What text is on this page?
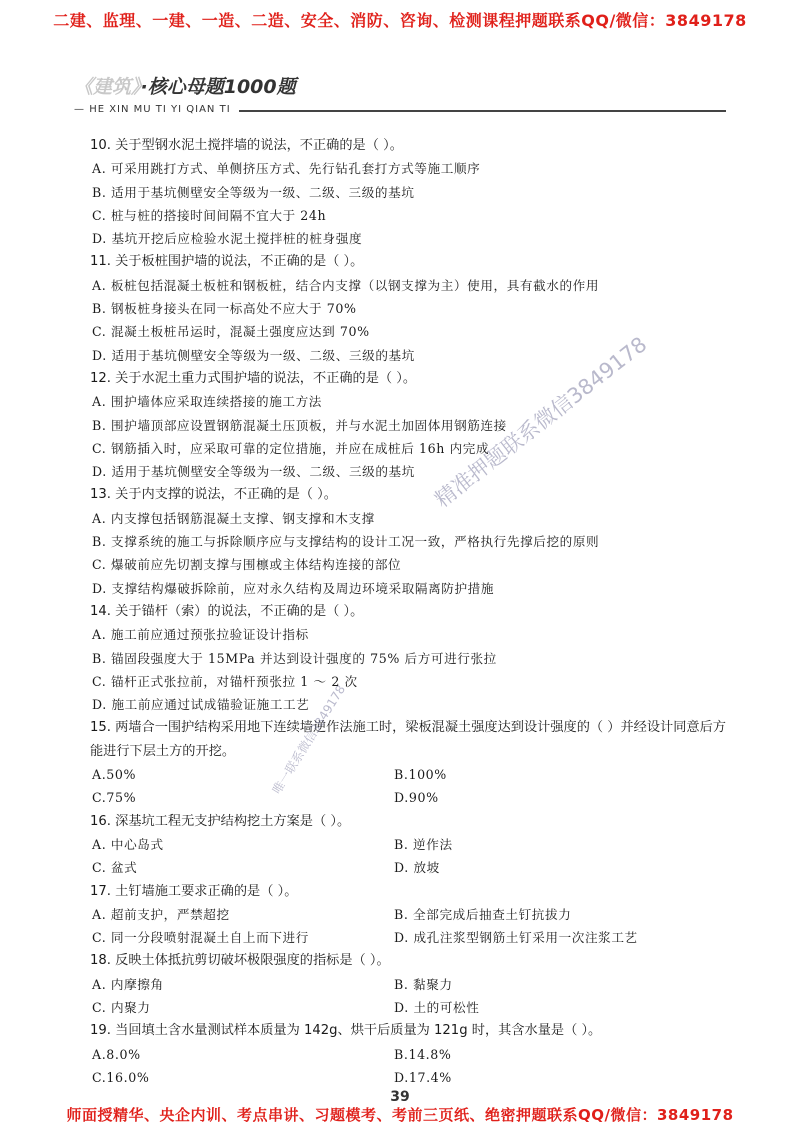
二建、监理、一建、一造、二造、安全、消防、咨询、检测课程押题联系QQ/微信：3849178
《建筑》·核心母题1000题
— HE XIN MU TI YI QIAN TI

10. 关于型钢水泥土搅拌墙的说法，不正确的是（ ）。

A. 可采用跳打方式、单侧挤压方式、先行钻孔套打方式等施工顺序

B. 适用于基坑侧壁安全等级为一级、二级、三级的基坑

C. 桩与桩的搭接时间间隔不宜大于 24h

D. 基坑开挖后应检验水泥土搅拌桩的桩身强度

11. 关于板桩围护墙的说法，不正确的是（ ）。

A. 板桩包括混凝土板桩和钢板桩，结合内支撑（以钢支撑为主）使用，具有截水的作用

B. 钢板桩身接头在同一标高处不应大于 70%

C. 混凝土板桩吊运时，混凝土强度应达到 70%

D. 适用于基坑侧壁安全等级为一级、二级、三级的基坑

12. 关于水泥土重力式围护墙的说法，不正确的是（ ）。

A. 围护墙体应采取连续搭接的施工方法

B. 围护墙顶部应设置钢筋混凝土压顶板，并与水泥土加固体用钢筋连接

C. 钢筋插入时，应采取可靠的定位措施，并应在成桩后 16h 内完成

D. 适用于基坑侧壁安全等级为一级、二级、三级的基坑

13. 关于内支撑的说法，不正确的是（ ）。

A. 内支撑包括钢筋混凝土支撑、钢支撑和木支撑

B. 支撑系统的施工与拆除顺序应与支撑结构的设计工况一致，严格执行先撑后挖的原则

C. 爆破前应先切割支撑与围檩或主体结构连接的部位

D. 支撑结构爆破拆除前，应对永久结构及周边环境采取隔离防护措施

14. 关于锚杆（索）的说法，不正确的是（ ）。

A. 施工前应通过预张拉验证设计指标

B. 锚固段强度大于 15MPa 并达到设计强度的 75% 后方可进行张拉

C. 锚杆正式张拉前，对锚杆预张拉 1 ～ 2 次

D. 施工前应通过试成锚验证施工工艺

15. 两墙合一围护结构采用地下连续墙逆作法施工时，梁板混凝土强度达到设计强度的（ ）并经设计同意后方能进行下层土方的开挖。

A.50%	B.100%

C.75%	D.90%

16. 深基坑工程无支护结构挖土方案是（ ）。

A. 中心岛式	B. 逆作法

C. 盆式	D. 放坡

17. 土钉墙施工要求正确的是（ ）。

A. 超前支护，严禁超挖	B. 全部完成后抽查土钉抗拔力

C. 同一分段喷射混凝土自上而下进行	D. 成孔注浆型钢筋土钉采用一次注浆工艺

18. 反映土体抵抗剪切破坏极限强度的指标是（ ）。

A. 内摩擦角	B. 黏聚力

C. 内聚力	D. 土的可松性

19. 当回填土含水量测试样本质量为 142g、烘干后质量为 121g 时，其含水量是（ ）。

A.8.0%	B.14.8%

C.16.0%	D.17.4%

精准押题联系微信3849178
唯一联系微信3849178
39
师面授精华、央企内训、考点串讲、习题模考、考前三页纸、绝密押题联系QQ/微信：3849178
